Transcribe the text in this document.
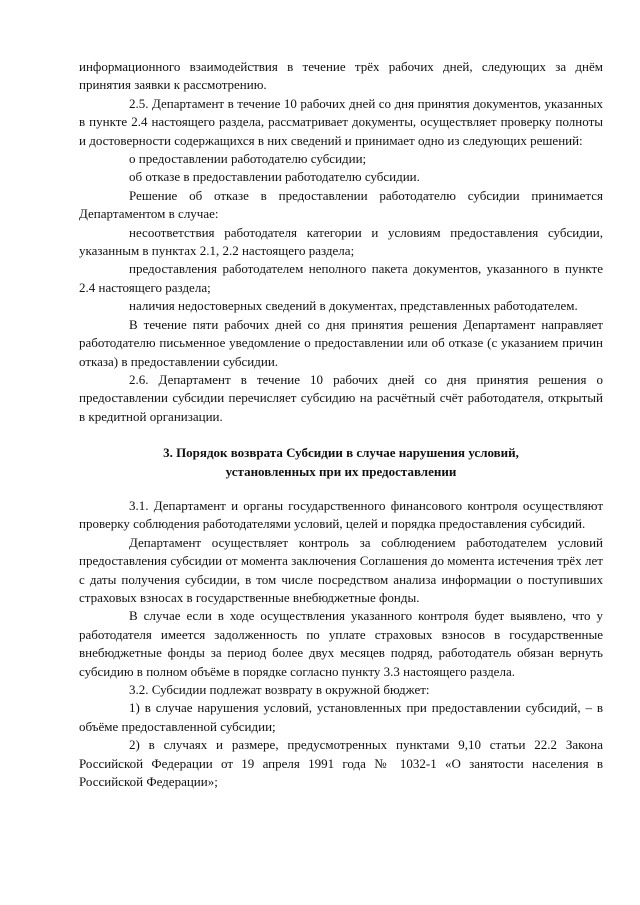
информационного взаимодействия в течение трёх рабочих дней, следующих за днём принятия заявки к рассмотрению.

2.5. Департамент в течение 10 рабочих дней со дня принятия документов, указанных в пункте 2.4 настоящего раздела, рассматривает документы, осуществляет проверку полноты и достоверности содержащихся в них сведений и принимает одно из следующих решений:

о предоставлении работодателю субсидии;

об отказе в предоставлении работодателю субсидии.

Решение об отказе в предоставлении работодателю субсидии принимается Департаментом в случае:

несоответствия работодателя категории и условиям предоставления субсидии, указанным в пунктах 2.1, 2.2 настоящего раздела;

предоставления работодателем неполного пакета документов, указанного в пункте 2.4 настоящего раздела;

наличия недостоверных сведений в документах, представленных работодателем.

В течение пяти рабочих дней со дня принятия решения Департамент направляет работодателю письменное уведомление о предоставлении или об отказе (с указанием причин отказа) в предоставлении субсидии.

2.6. Департамент в течение 10 рабочих дней со дня принятия решения о предоставлении субсидии перечисляет субсидию на расчётный счёт работодателя, открытый в кредитной организации.

3. Порядок возврата Субсидии в случае нарушения условий,
установленных при их предоставлении

3.1. Департамент и органы государственного финансового контроля осуществляют проверку соблюдения работодателями условий, целей и порядка предоставления субсидий.

Департамент осуществляет контроль за соблюдением работодателем условий предоставления субсидии от момента заключения Соглашения до момента истечения трёх лет с даты получения субсидии, в том числе посредством анализа информации о поступивших страховых взносах в государственные внебюджетные фонды.

В случае если в ходе осуществления указанного контроля будет выявлено, что у работодателя имеется задолженность по уплате страховых взносов в государственные внебюджетные фонды за период более двух месяцев подряд, работодатель обязан вернуть субсидию в полном объёме в порядке согласно пункту 3.3 настоящего раздела.

3.2. Субсидии подлежат возврату в окружной бюджет:

1) в случае нарушения условий, установленных при предоставлении субсидий, – в объёме предоставленной субсидии;

2) в случаях и размере, предусмотренных пунктами 9,10 статьи 22.2 Закона Российской Федерации от 19 апреля 1991 года № 1032-1 «О занятости населения в Российской Федерации»;
